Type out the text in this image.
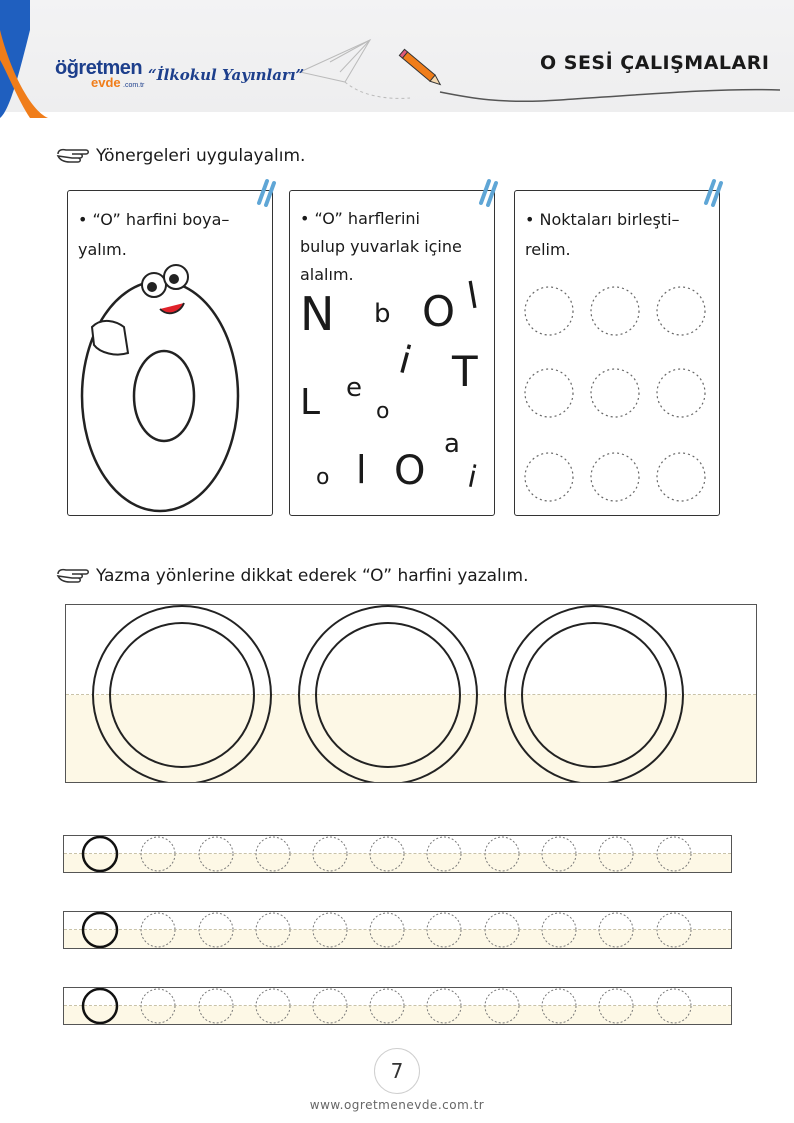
öğretmen
evde .com.tr
“İlkokul Yayınları”
O SESİ ÇALIŞMALARI
Yönergeleri uygulayalım.
• “O” harfini boya–
yalım.
• “O” harflerini
bulup yuvarlak içine
alalım.
N b O l
i T
L e
o
a
o l O i
• Noktaları birleşti–
relim.
Yazma yönlerine dikkat ederek “O” harfini yazalım.
7
www.ogretmenevde.com.tr
